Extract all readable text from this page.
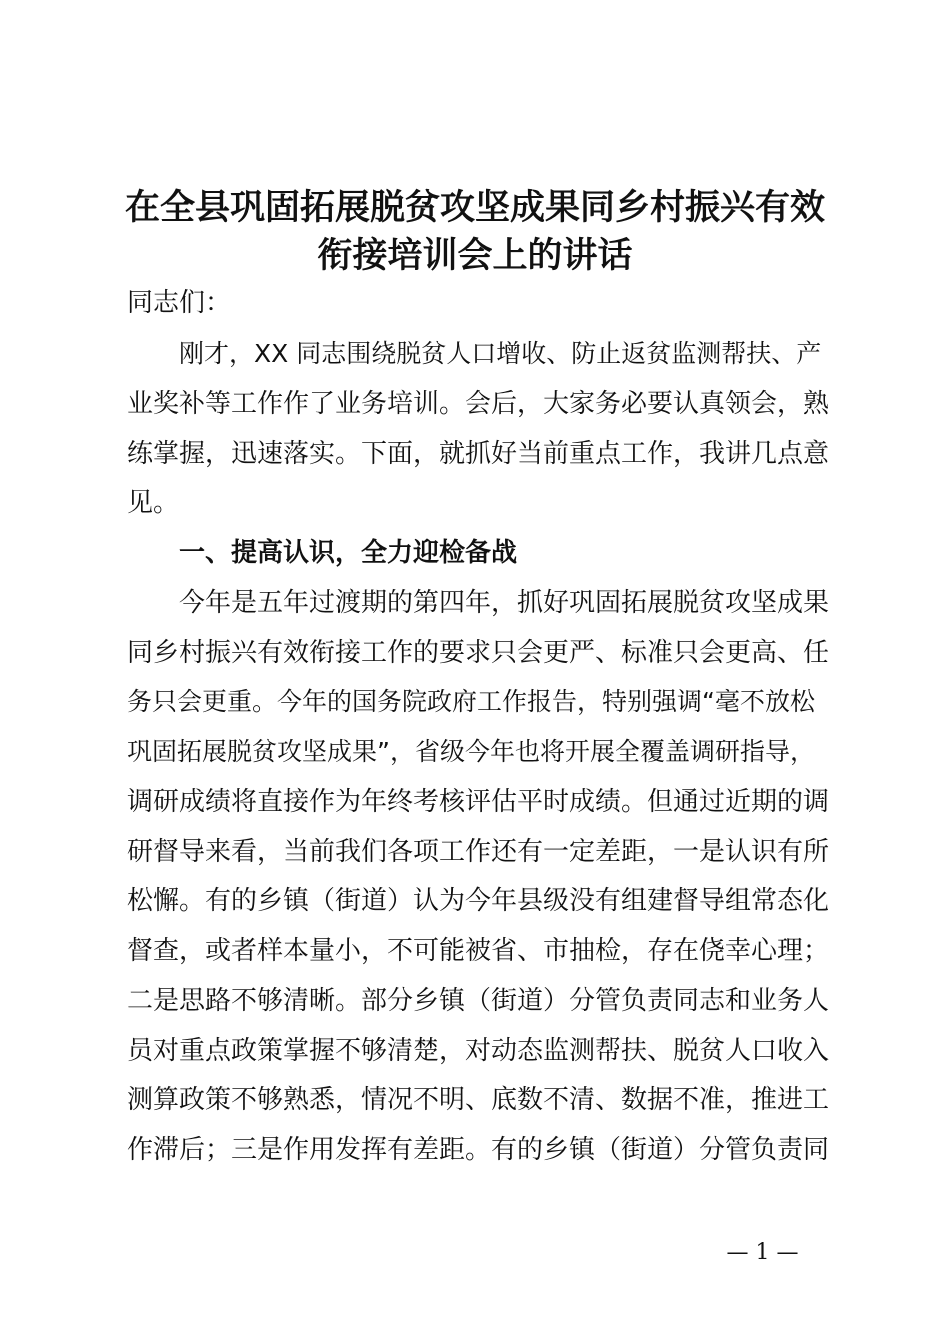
在全县巩固拓展脱贫攻坚成果同乡村振兴有效
衔接培训会上的讲话
同志们：
刚才，XX 同志围绕脱贫人口增收、防止返贫监测帮扶、产
业奖补等工作作了业务培训。会后，大家务必要认真领会，熟
练掌握，迅速落实。下面，就抓好当前重点工作，我讲几点意
见。
一、提高认识，全力迎检备战
今年是五年过渡期的第四年，抓好巩固拓展脱贫攻坚成果
同乡村振兴有效衔接工作的要求只会更严、标准只会更高、任
务只会更重。今年的国务院政府工作报告，特别强调“毫不放松
巩固拓展脱贫攻坚成果”，省级今年也将开展全覆盖调研指导，
调研成绩将直接作为年终考核评估平时成绩。但通过近期的调
研督导来看，当前我们各项工作还有一定差距，一是认识有所
松懈。有的乡镇（街道）认为今年县级没有组建督导组常态化
督查，或者样本量小，不可能被省、市抽检，存在侥幸心理；
二是思路不够清晰。部分乡镇（街道）分管负责同志和业务人
员对重点政策掌握不够清楚，对动态监测帮扶、脱贫人口收入
测算政策不够熟悉，情况不明、底数不清、数据不准，推进工
作滞后；三是作用发挥有差距。有的乡镇（街道）分管负责同
— 1 —
